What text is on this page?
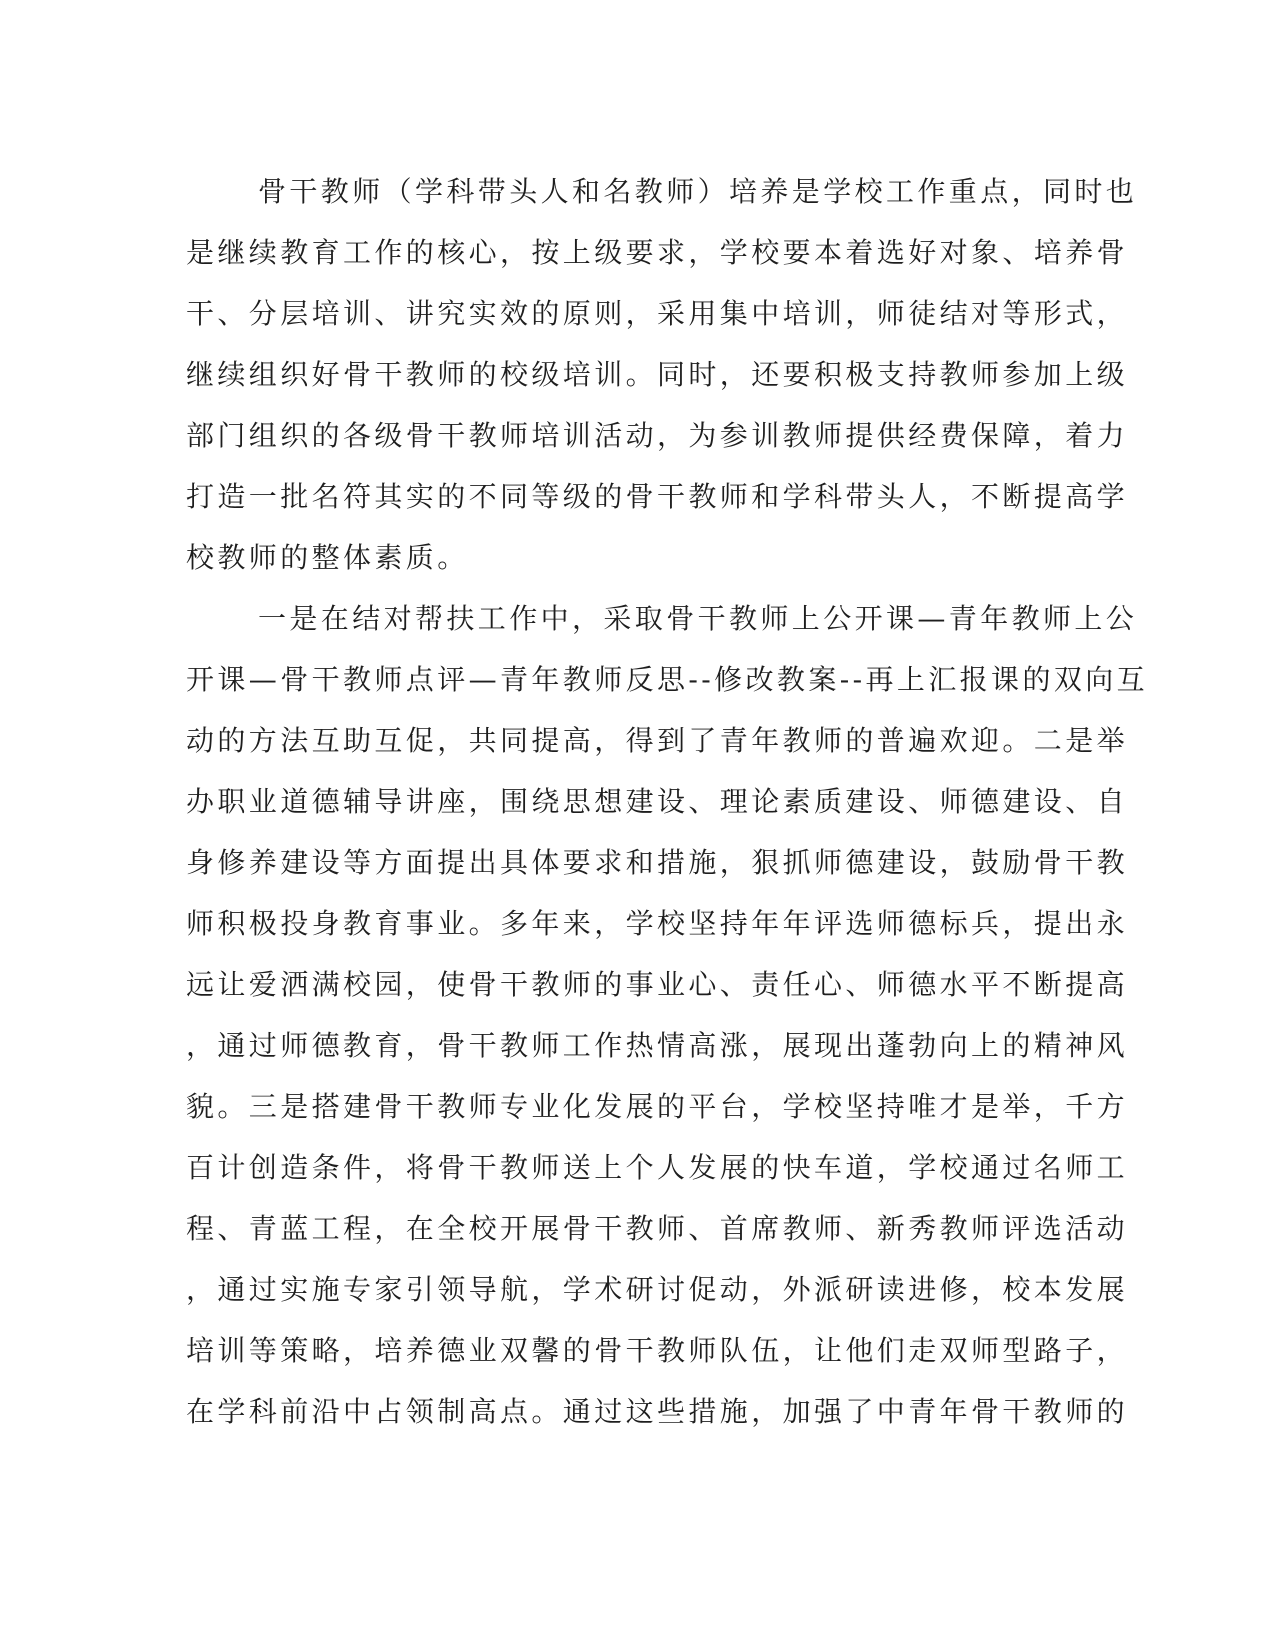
骨干教师（学科带头人和名教师）培养是学校工作重点，同时也
是继续教育工作的核心，按上级要求，学校要本着选好对象、培养骨
干、分层培训、讲究实效的原则，采用集中培训，师徒结对等形式，
继续组织好骨干教师的校级培训。同时，还要积极支持教师参加上级
部门组织的各级骨干教师培训活动，为参训教师提供经费保障，着力
打造一批名符其实的不同等级的骨干教师和学科带头人，不断提高学
校教师的整体素质。
一是在结对帮扶工作中，采取骨干教师上公开课—青年教师上公
开课—骨干教师点评—青年教师反思--修改教案--再上汇报课的双向互
动的方法互助互促，共同提高，得到了青年教师的普遍欢迎。二是举
办职业道德辅导讲座，围绕思想建设、理论素质建设、师德建设、自
身修养建设等方面提出具体要求和措施，狠抓师德建设，鼓励骨干教
师积极投身教育事业。多年来，学校坚持年年评选师德标兵，提出永
远让爱洒满校园，使骨干教师的事业心、责任心、师德水平不断提高
，通过师德教育，骨干教师工作热情高涨，展现出蓬勃向上的精神风
貌。三是搭建骨干教师专业化发展的平台，学校坚持唯才是举，千方
百计创造条件，将骨干教师送上个人发展的快车道，学校通过名师工
程、青蓝工程，在全校开展骨干教师、首席教师、新秀教师评选活动
，通过实施专家引领导航，学术研讨促动，外派研读进修，校本发展
培训等策略，培养德业双馨的骨干教师队伍，让他们走双师型路子，
在学科前沿中占领制高点。通过这些措施，加强了中青年骨干教师的
